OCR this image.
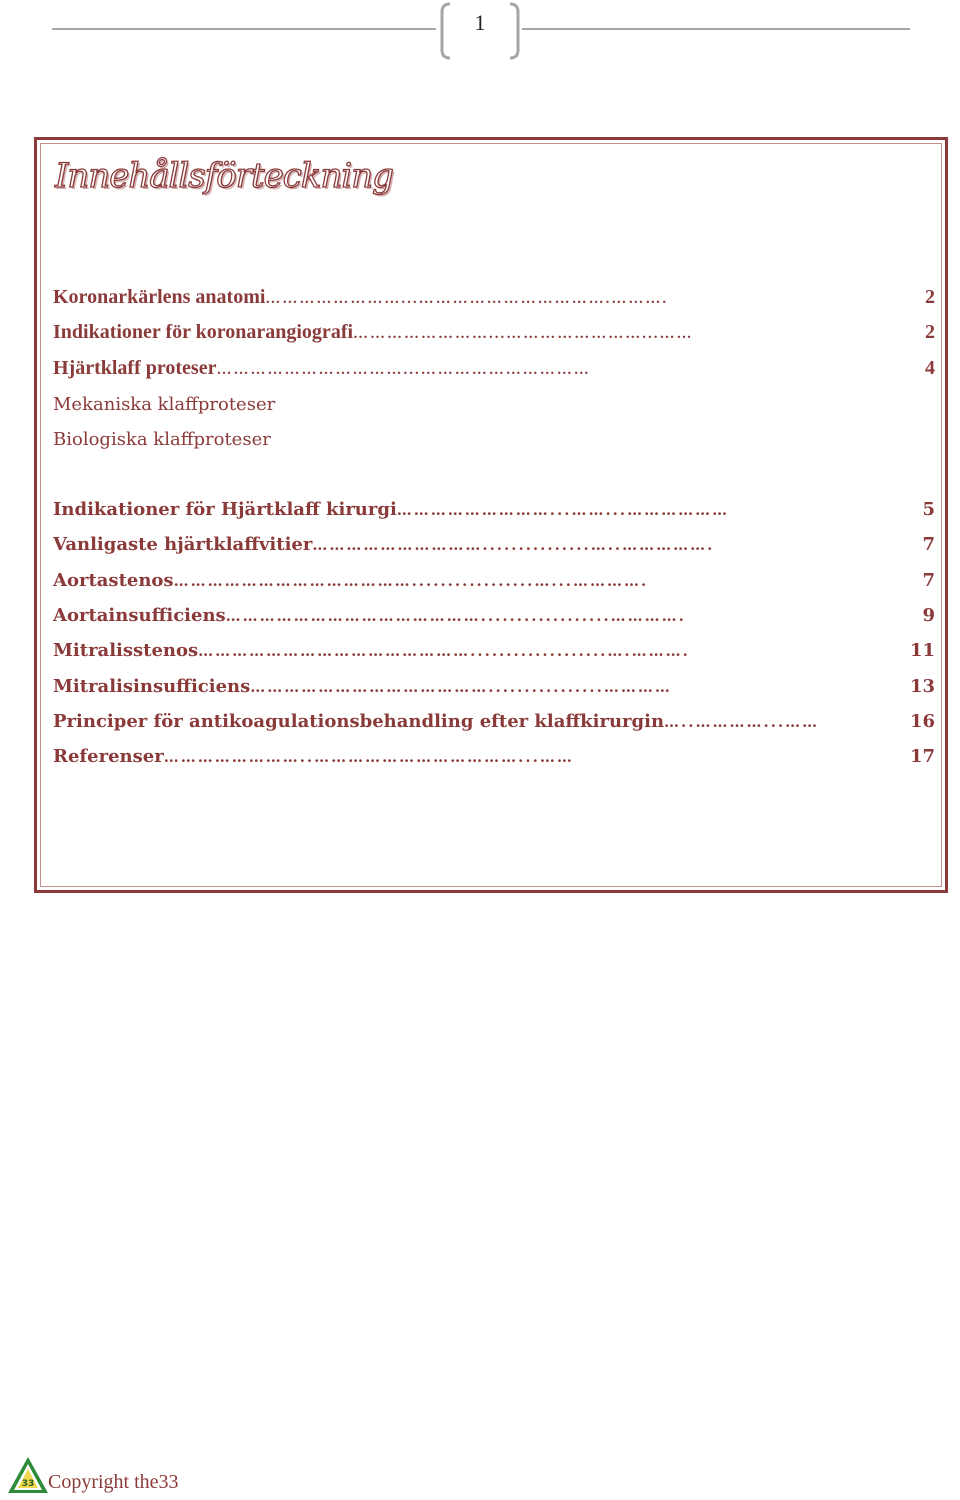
1
Innehållsförteckning
Koronarkärlens anatomi ……………………...…………………………….……….	2
Indikationer för koronarangiografi ……………………...……………………...……	2
Hjärtklaff proteser ……………………………...…………………………	4
Mekaniska klaffproteser
Biologiska klaffproteser
Indikationer för Hjärtklaff kirurgi ………………………...……...………………	5
Vanligaste hjärtklaffvitier …………………………...............…..…………….	7
Aortastenos …………………………………….................…...………….	7
Aortainsufficiens ………………………………………..................………….	9
Mitralisstenos …………………………………………...................….……….	11
Mitralisinsufficiens ……………………………………................…………	13
Principer för antikoagulationsbehandling efter klaffkirurgin …..…………...……	16
Referenser ……………………..………………………………...……	17
33 Copyright the33
